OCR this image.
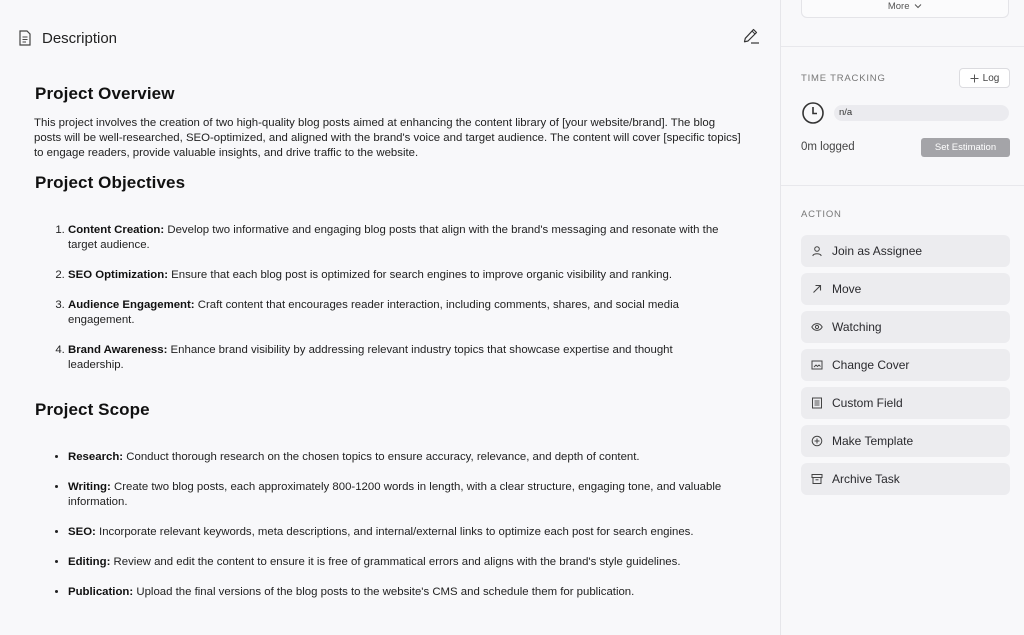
Description
Project Overview

This project involves the creation of two high-quality blog posts aimed at enhancing the content library of [your website/brand]. The blog posts will be well-researched, SEO-optimized, and aligned with the brand's voice and target audience. The content will cover [specific topics] to engage readers, provide valuable insights, and drive traffic to the website.

Project Objectives
1. Content Creation: Develop two informative and engaging blog posts that align with the brand's messaging and resonate with the target audience.
2. SEO Optimization: Ensure that each blog post is optimized for search engines to improve organic visibility and ranking.
3. Audience Engagement: Craft content that encourages reader interaction, including comments, shares, and social media engagement.
4. Brand Awareness: Enhance brand visibility by addressing relevant industry topics that showcase expertise and thought leadership.
Project Scope
• Research: Conduct thorough research on the chosen topics to ensure accuracy, relevance, and depth of content.
• Writing: Create two blog posts, each approximately 800-1200 words in length, with a clear structure, engaging tone, and valuable information.
• SEO: Incorporate relevant keywords, meta descriptions, and internal/external links to optimize each post for search engines.
• Editing: Review and edit the content to ensure it is free of grammatical errors and aligns with the brand's style guidelines.
• Publication: Upload the final versions of the blog posts to the website's CMS and schedule them for publication.
More
TIME TRACKING	Log
n/a
0m logged	Set Estimation
ACTION
Join as Assignee
Move
Watching
Change Cover
Custom Field
Make Template
Archive Task
